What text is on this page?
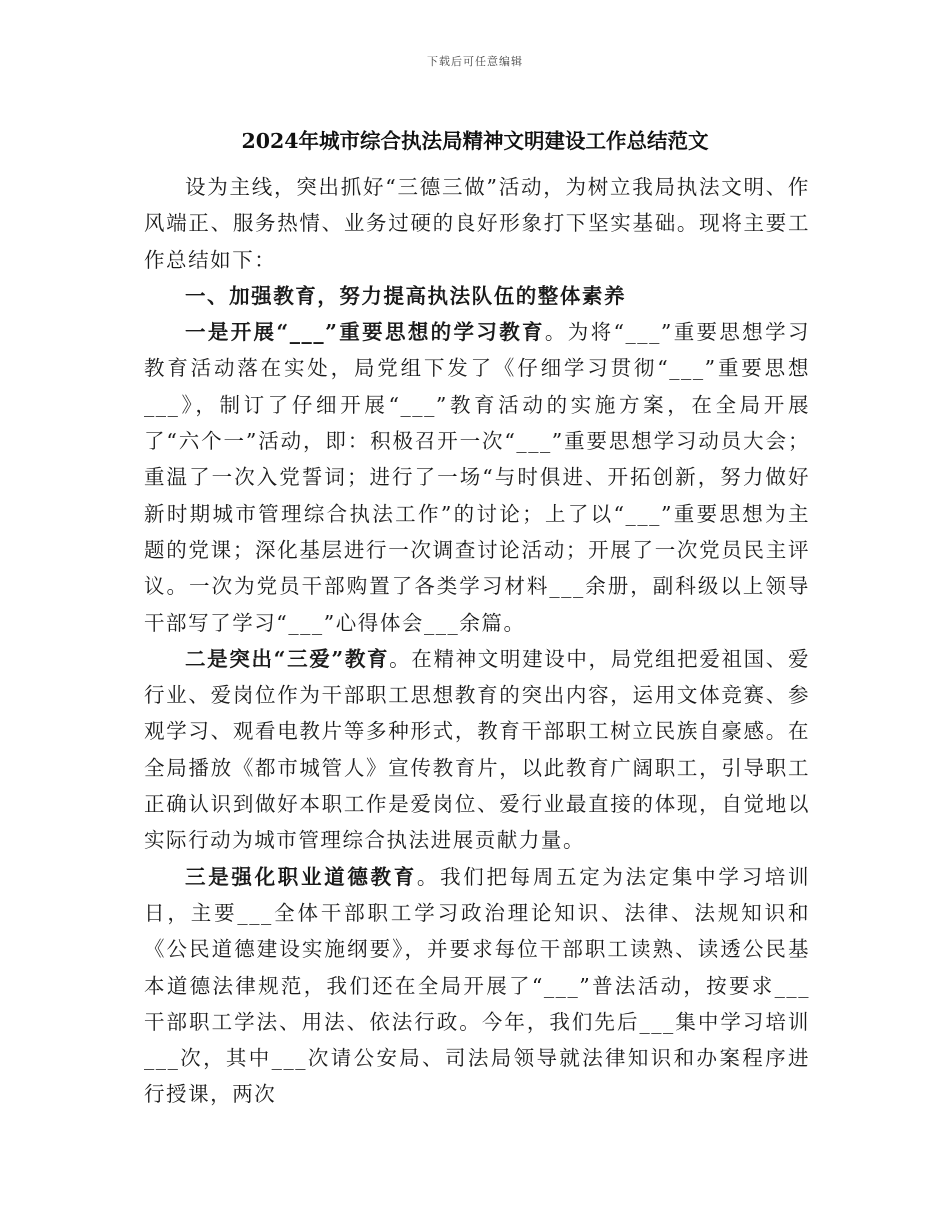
下载后可任意编辑
2024年城市综合执法局精神文明建设工作总结范文

设为主线，突出抓好“三德三做”活动，为树立我局执法文明、作风端正、服务热情、业务过硬的良好形象打下坚实基础。现将主要工作总结如下：

一、加强教育，努力提高执法队伍的整体素养

一是开展“___”重要思想的学习教育。为将“___”重要思想学习教育活动落在实处，局党组下发了《仔细学习贯彻“___”重要思想___》，制订了仔细开展“___”教育活动的实施方案，在全局开展了“六个一”活动，即：积极召开一次“___”重要思想学习动员大会；重温了一次入党誓词；进行了一场“与时俱进、开拓创新，努力做好新时期城市管理综合执法工作”的讨论；上了以“___”重要思想为主题的党课；深化基层进行一次调查讨论活动；开展了一次党员民主评议。一次为党员干部购置了各类学习材料___余册，副科级以上领导干部写了学习“___”心得体会___余篇。

二是突出“三爱”教育。在精神文明建设中，局党组把爱祖国、爱行业、爱岗位作为干部职工思想教育的突出内容，运用文体竞赛、参观学习、观看电教片等多种形式，教育干部职工树立民族自豪感。在全局播放《都市城管人》宣传教育片，以此教育广阔职工，引导职工正确认识到做好本职工作是爱岗位、爱行业最直接的体现，自觉地以实际行动为城市管理综合执法进展贡献力量。

三是强化职业道德教育。我们把每周五定为法定集中学习培训日，主要___全体干部职工学习政治理论知识、法律、法规知识和《公民道德建设实施纲要》，并要求每位干部职工读熟、读透公民基本道德法律规范，我们还在全局开展了“___”普法活动，按要求___干部职工学法、用法、依法行政。今年，我们先后___集中学习培训___次，其中___次请公安局、司法局领导就法律知识和办案程序进行授课，两次
